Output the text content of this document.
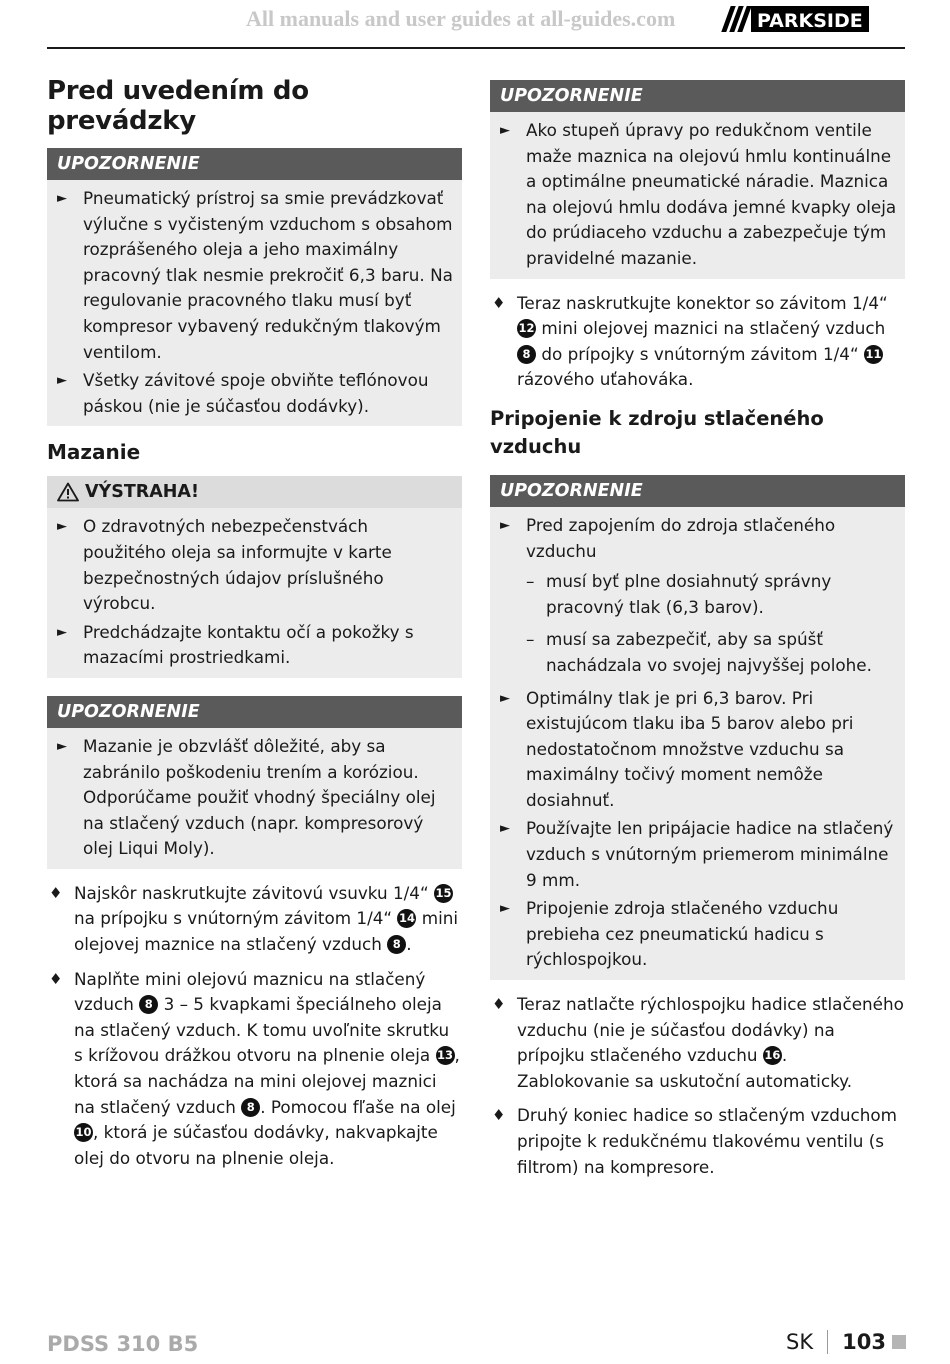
All manuals and user guides at all-guides.com	PARKSIDE
Pred uvedením do prevádzky
UPOZORNENIE
► Pneumatický prístroj sa smie prevádzkovať výlučne s vyčisteným vzduchom s obsahom rozprášeného oleja a jeho maximálny pracovný tlak nesmie prekročiť 6,3 baru. Na regulovanie pracovného tlaku musí byť kompresor vybavený redukčným tlakovým ventilom.
► Všetky závitové spoje obviňte teflónovou páskou (nie je súčasťou dodávky).
Mazanie
VÝSTRAHA!
► O zdravotných nebezpečenstvách použitého oleja sa informujte v karte bezpečnostných údajov príslušného výrobcu.
► Predchádzajte kontaktu očí a pokožky s mazacími prostriedkami.
UPOZORNENIE
► Mazanie je obzvlášť dôležité, aby sa zabránilo poškodeniu trením a koróziou. Odporúčame použiť vhodný špeciálny olej na stlačený vzduch (napr. kompresorový olej Liqui Moly).
♦ Najskôr naskrutkujte závitovú vsuvku 1/4“ 15 na prípojku s vnútorným závitom 1/4“ 14 mini olejovej maznice na stlačený vzduch 8 .
♦ Naplňte mini olejovú maznicu na stlačený vzduch 8 3 – 5 kvapkami špeciálneho oleja na stlačený vzduch. K tomu uvoľnite skrutku s krížovou drážkou otvoru na plnenie oleja 13, ktorá sa nachádza na mini olejovej maznici na stlačený vzduch 8 . Pomocou fľaše na olej 10, ktorá je súčasťou dodávky, nakvapkajte olej do otvoru na plnenie oleja.
UPOZORNENIE
► Ako stupeň úpravy po redukčnom ventile maže maznica na olejovú hmlu kontinuálne a optimálne pneumatické náradie. Maznica na olejovú hmlu dodáva jemné kvapky oleja do prúdiaceho vzduchu a zabezpečuje tým pravidelné mazanie.
♦ Teraz naskrutkujte konektor so závitom 1/4“ 12 mini olejovej maznici na stlačený vzduch 8 do prípojky s vnútorným závitom 1/4“ 11 rázového uťahováka.
Pripojenie k zdroju stlačeného vzduchu
UPOZORNENIE
► Pred zapojením do zdroja stlačeného vzduchu
– musí byť plne dosiahnutý správny pracovný tlak (6,3 barov).
– musí sa zabezpečiť, aby sa spúšť nachádzala vo svojej najvyššej polohe.
► Optimálny tlak je pri 6,3 barov. Pri existujúcom tlaku iba 5 barov alebo pri nedostatočnom množstve vzduchu sa maximálny točivý moment nemôže dosiahnuť.
► Používajte len pripájacie hadice na stlačený vzduch s vnútorným priemerom minimálne 9 mm.
► Pripojenie zdroja stlačeného vzduchu prebieha cez pneumatickú hadicu s rýchlospojkou.
♦ Teraz natlačte rýchlospojku hadice stlačeného vzduchu (nie je súčasťou dodávky) na prípojku stlačeného vzduchu 16. Zablokovanie sa uskutoční automaticky.
♦ Druhý koniec hadice so stlačeným vzduchom pripojte k redukčnému tlakovému ventilu (s filtrom) na kompresore.
PDSS 310 B5	SK 103
